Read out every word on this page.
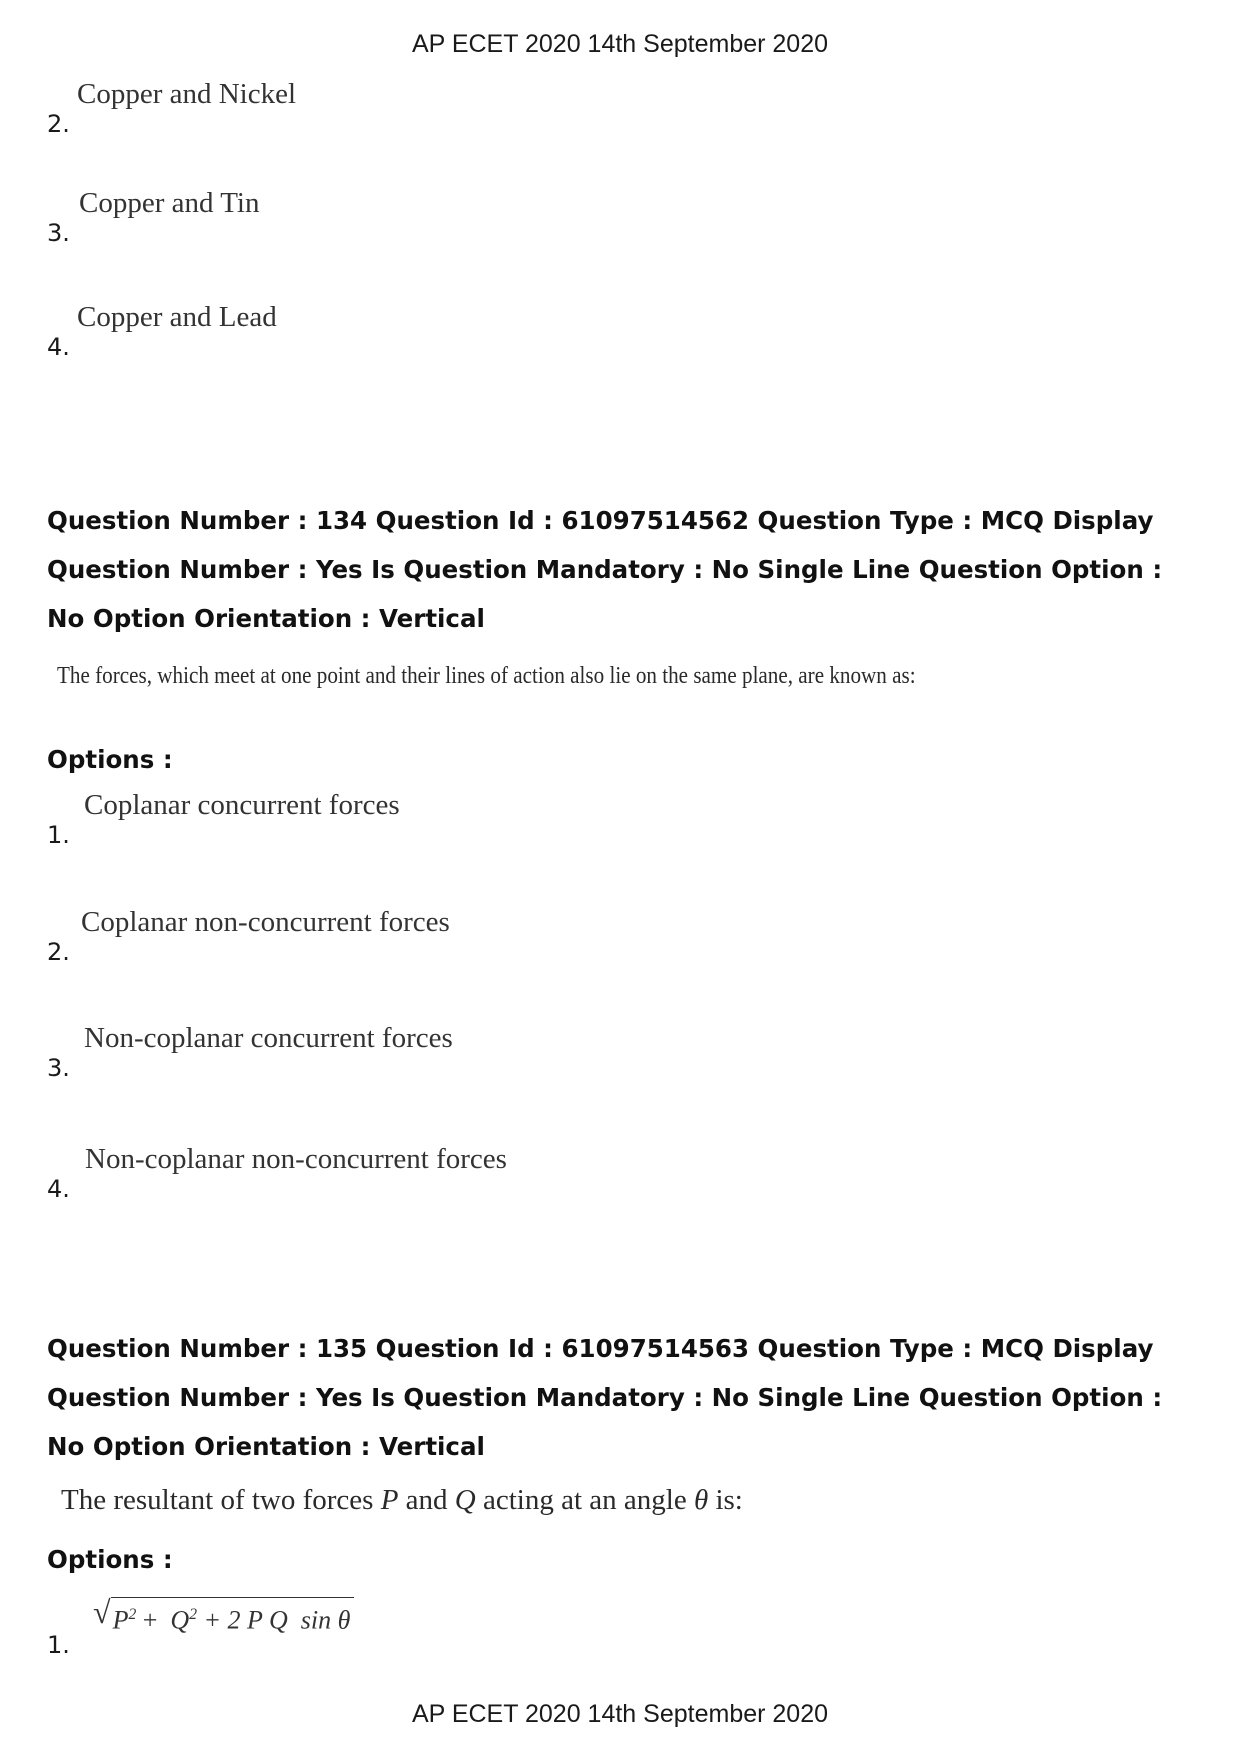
AP ECET 2020 14th September 2020
2.
Copper and Nickel
3.
Copper and Tin
4.
Copper and Lead
Question Number : 134 Question Id : 61097514562 Question Type : MCQ Display Question Number : Yes Is Question Mandatory : No Single Line Question Option : No Option Orientation : Vertical
The forces, which meet at one point and their lines of action also lie on the same plane, are known as:
Options :
1.
Coplanar concurrent forces
2.
Coplanar non-concurrent forces
3.
Non-coplanar concurrent forces
4.
Non-coplanar non-concurrent forces
Question Number : 135 Question Id : 61097514563 Question Type : MCQ Display Question Number : Yes Is Question Mandatory : No Single Line Question Option : No Option Orientation : Vertical
The resultant of two forces P and Q acting at an angle θ is:
Options :
1.
√ $P^2 + Q^2 + 2$ P Q  sin θ
AP ECET 2020 14th September 2020
